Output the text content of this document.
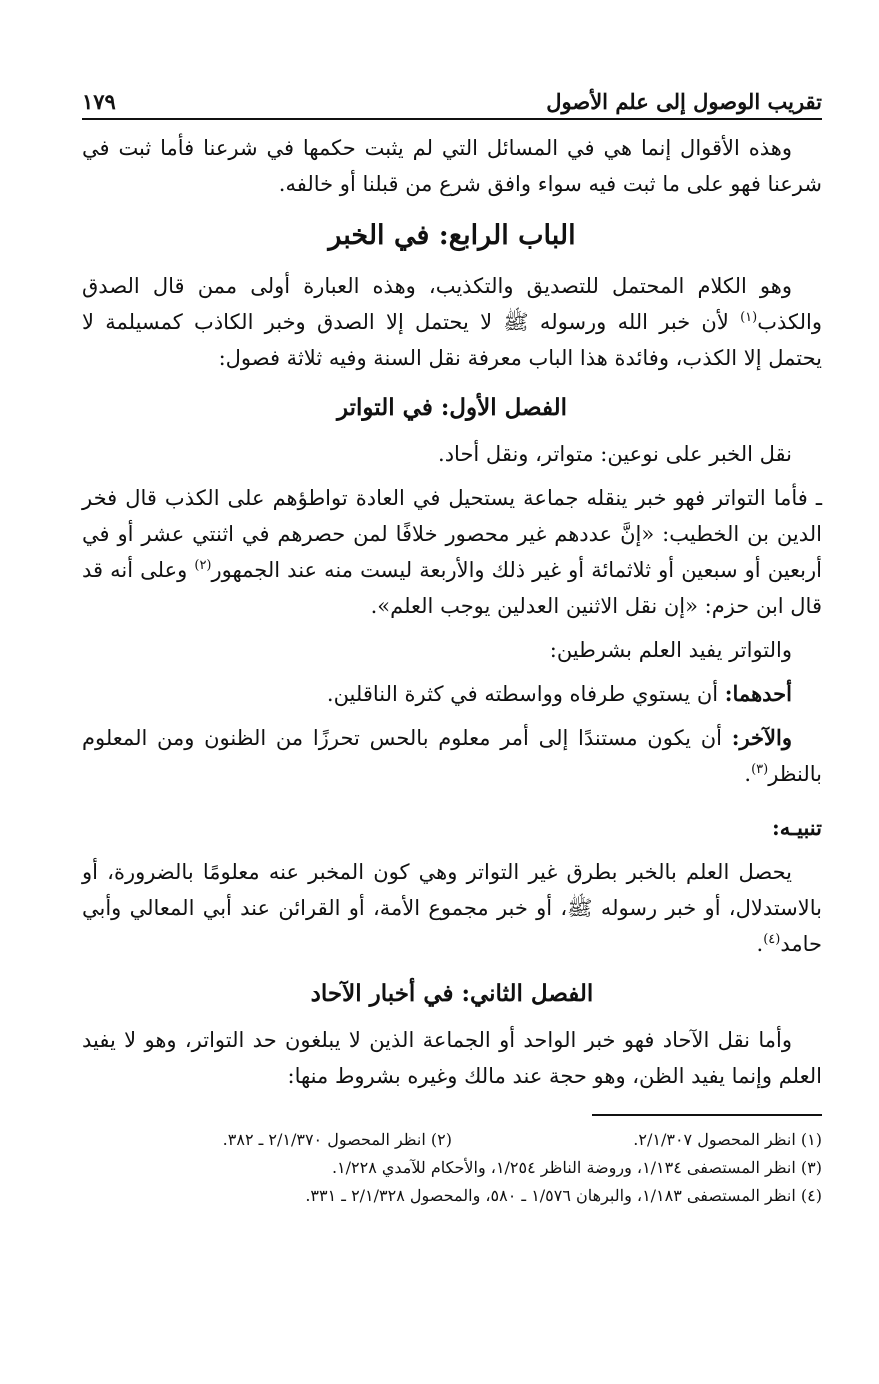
تقريب الوصول إلى علم الأصول
١٧٩

وهذه الأقوال إنما هي في المسائل التي لم يثبت حكمها في شرعنا فأما ثبت في شرعنا فهو على ما ثبت فيه سواء وافق شرع من قبلنا أو خالفه.

الباب الرابع: في الخبر

وهو الكلام المحتمل للتصديق والتكذيب، وهذه العبارة أولى ممن قال الصدق والكذب$^{(١)}$ لأن خبر الله ورسوله ﷺ لا يحتمل إلا الصدق وخبر الكاذب كمسيلمة لا يحتمل إلا الكذب، وفائدة هذا الباب معرفة نقل السنة وفيه ثلاثة فصول:

الفصل الأول: في التواتر

نقل الخبر على نوعين: متواتر، ونقل أحاد.

ـ فأما التواتر فهو خبر ينقله جماعة يستحيل في العادة تواطؤهم على الكذب قال فخر الدين بن الخطيب: «إنَّ عددهم غير محصور خلافًا لمن حصرهم في اثنتي عشر أو في أربعين أو سبعين أو ثلاثمائة أو غير ذلك والأربعة ليست منه عند الجمهور$^{(٢)}$ وعلى أنه قد قال ابن حزم: «إن نقل الاثنين العدلين يوجب العلم».

والتواتر يفيد العلم بشرطين:

أحدهما: أن يستوي طرفاه وواسطته في كثرة الناقلين.

والآخر: أن يكون مستندًا إلى أمر معلوم بالحس تحرزًا من الظنون ومن المعلوم بالنظر$^{(٣)}$.

تنبيـه:

يحصل العلم بالخبر بطرق غير التواتر وهي كون المخبر عنه معلومًا بالضرورة، أو بالاستدلال، أو خبر رسوله ﷺ، أو خبر مجموع الأمة، أو القرائن عند أبي المعالي وأبي حامد$^{(٤)}$.

الفصل الثاني: في أخبار الآحاد

وأما نقل الآحاد فهو خبر الواحد أو الجماعة الذين لا يبلغون حد التواتر، وهو لا يفيد العلم وإنما يفيد الظن، وهو حجة عند مالك وغيره بشروط منها:

(١) انظر المحصول ٢/١/٣٠٧.
(٢) انظر المحصول ٢/١/٣٧٠ ـ ٣٨٢.
(٣) انظر المستصفى ١/١٣٤، وروضة الناظر ١/٢٥٤، والأحكام للآمدي ١/٢٢٨.
(٤) انظر المستصفى ١/١٨٣، والبرهان ١/٥٧٦ ـ ٥٨٠، والمحصول ٢/١/٣٢٨ ـ ٣٣١.
